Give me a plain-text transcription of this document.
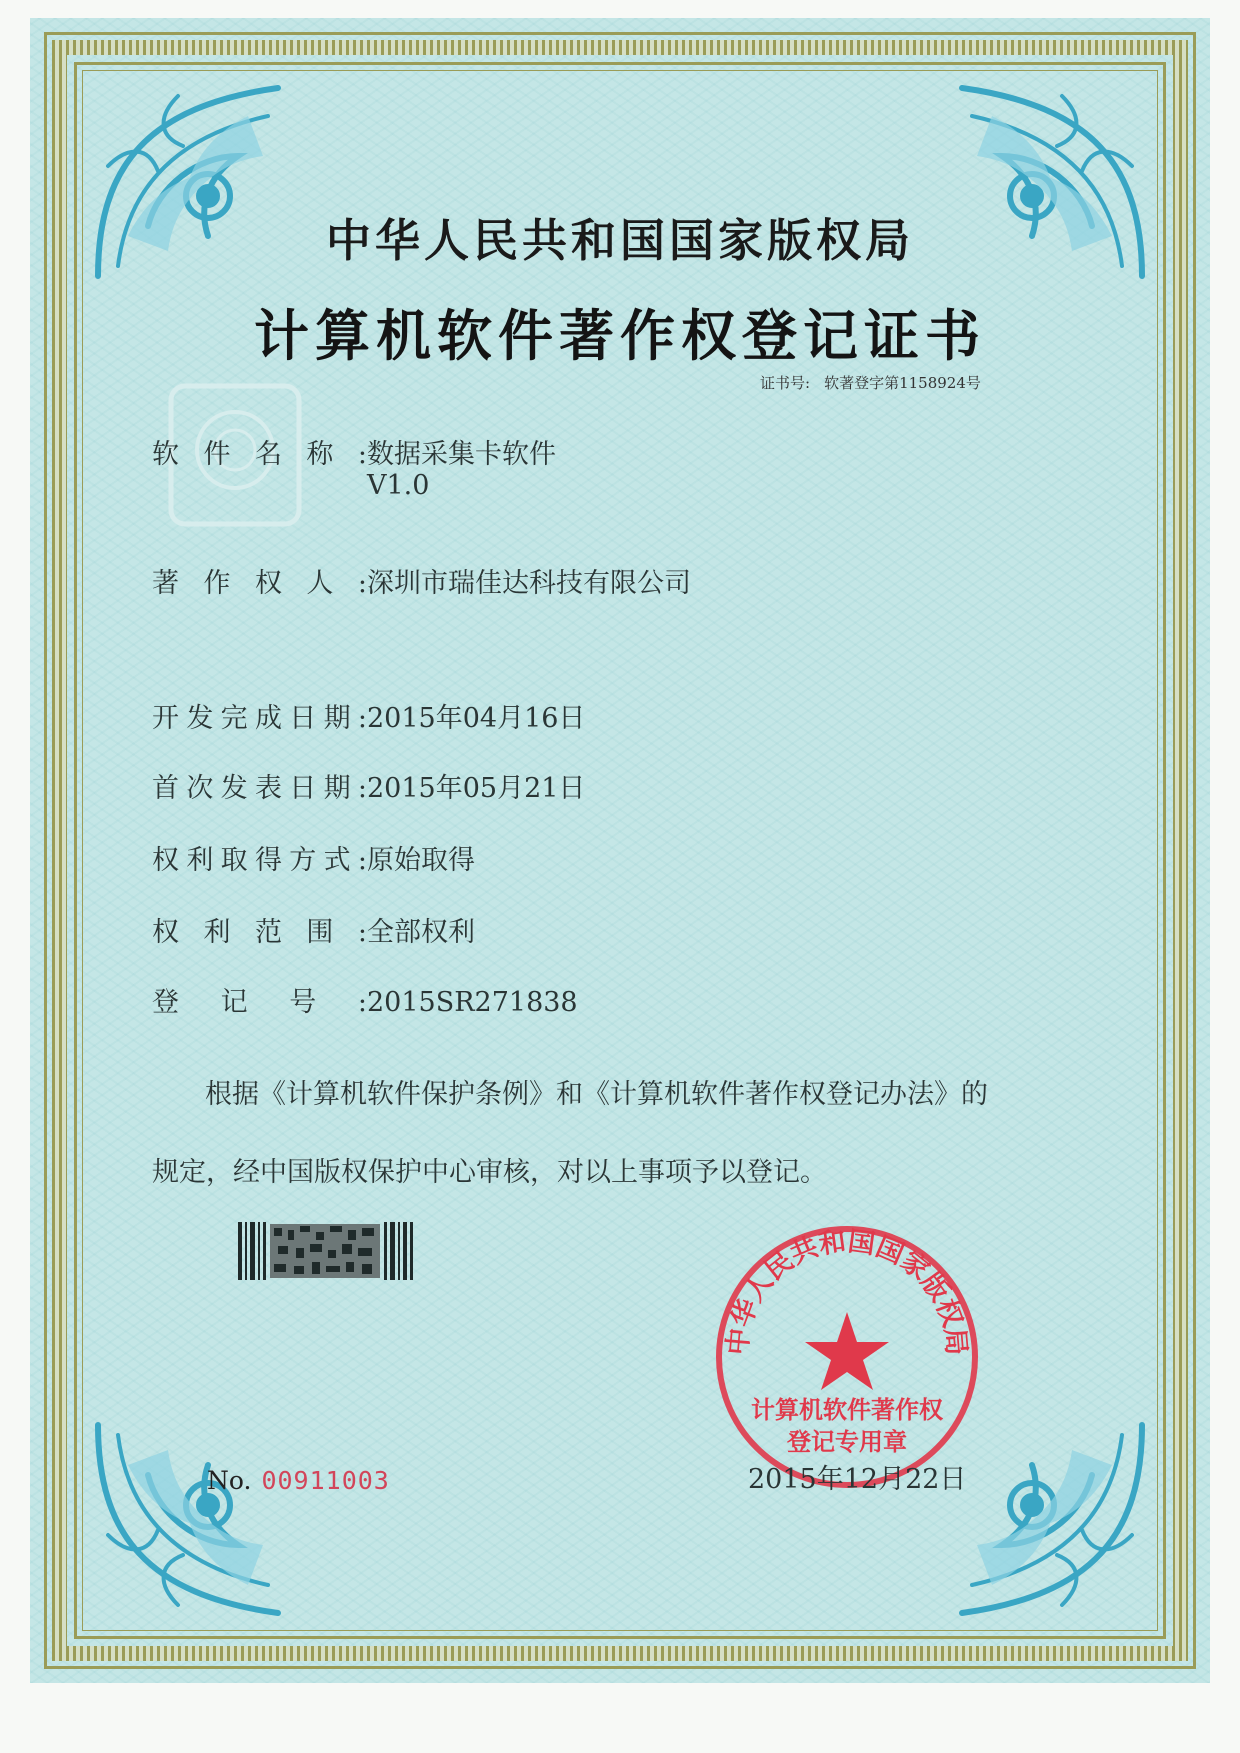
中华人民共和国国家版权局
计算机软件著作权登记证书
证书号: 软著登字第1158924号
软件名称:数据采集卡软件
V1.0
著作权人:深圳市瑞佳达科技有限公司
开发完成日期:2015年04月16日
首次发表日期:2015年05月21日
权利取得方式:原始取得
权利范围:全部权利
登记号:2015SR271838
根据《计算机软件保护条例》和《计算机软件著作权登记办法》的
规定，经中国版权保护中心审核，对以上事项予以登记。
中华人民共和国国家版权局
计算机软件著作权
登记专用章
No. 00911003	2015年12月22日
